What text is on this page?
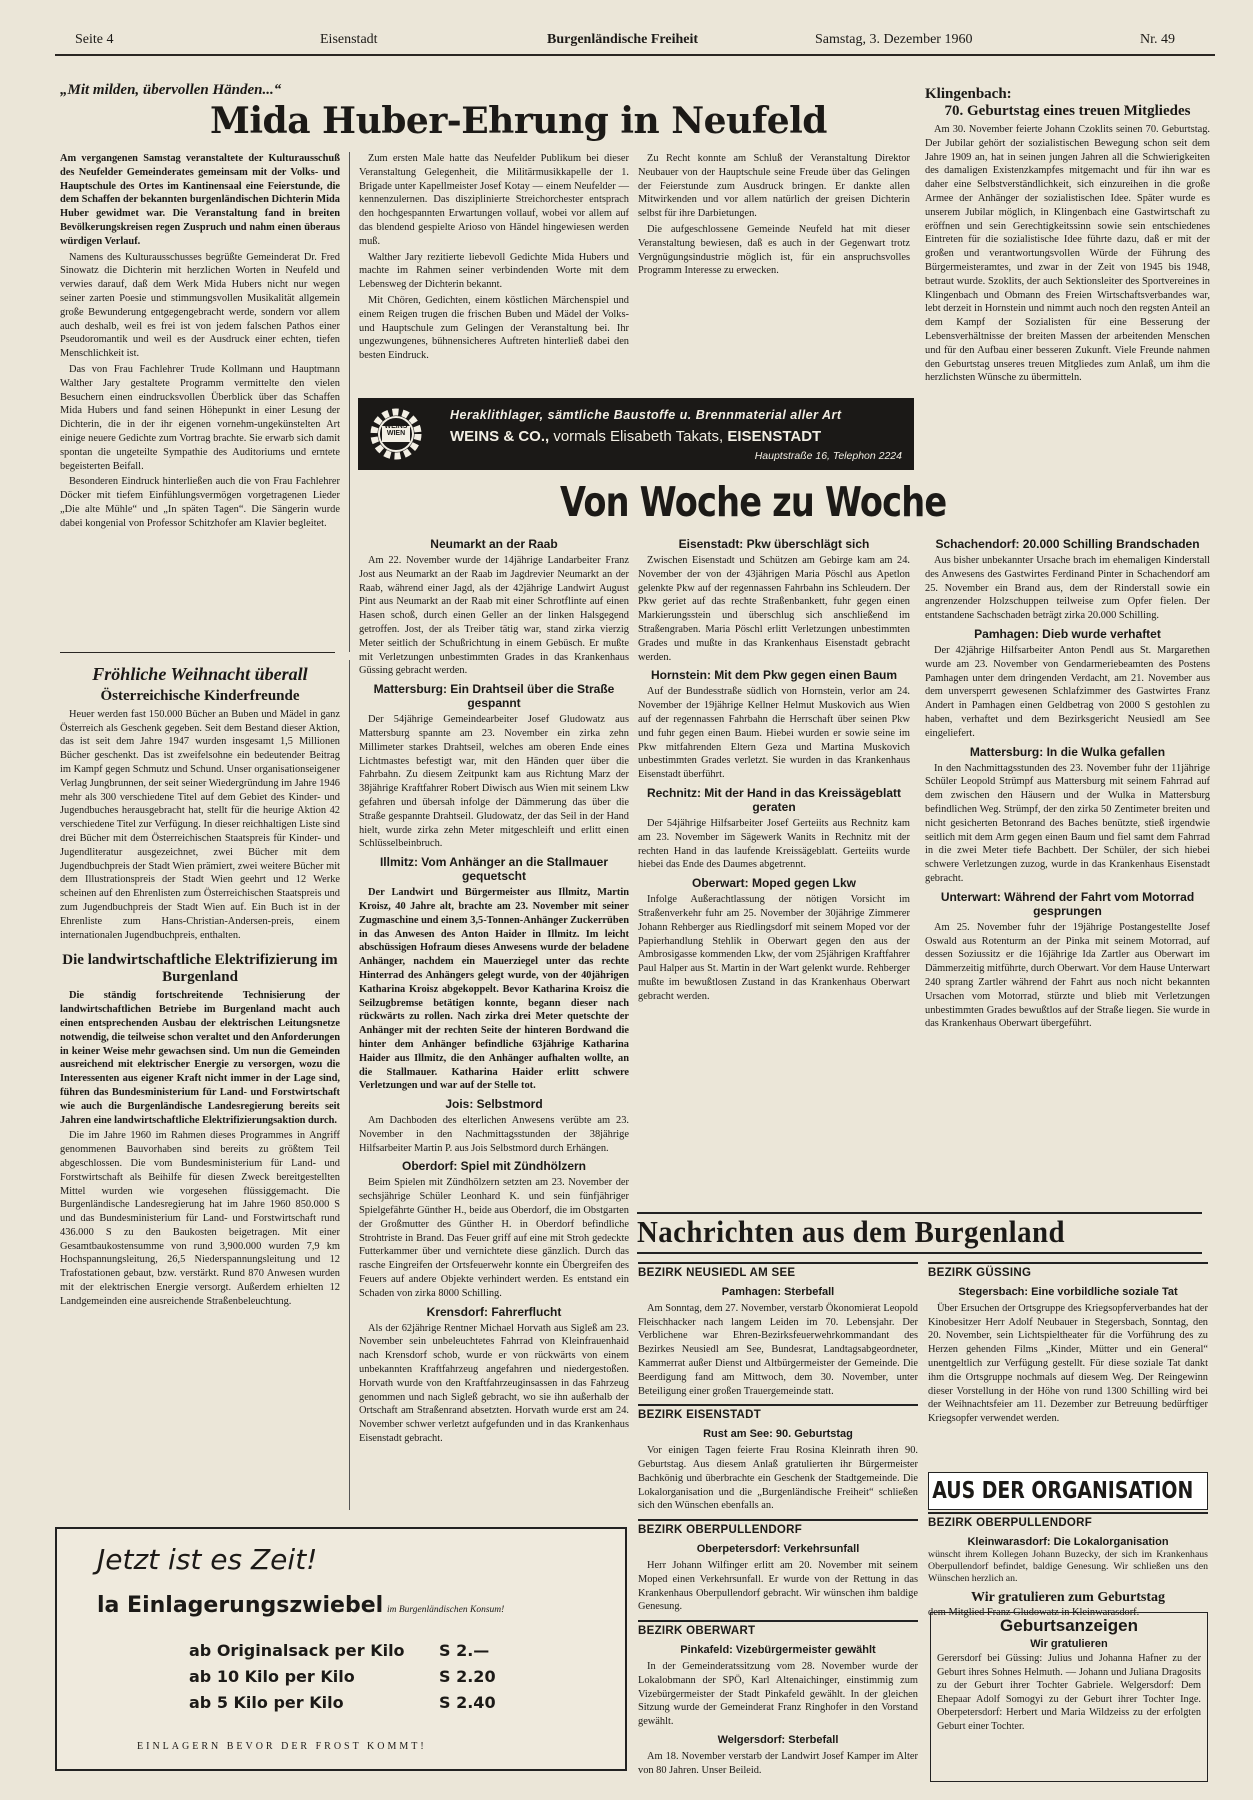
Seite 4	Eisenstadt	Burgenländische Freiheit	Samstag, 3. Dezember 1960	Nr. 49
„Mit milden, übervollen Händen...“
Mida Huber-Ehrung in Neufeld

Am vergangenen Samstag veranstaltete der Kulturausschuß des Neufelder Gemeinderates gemeinsam mit der Volks- und Hauptschule des Ortes im Kantinensaal eine Feierstunde, die dem Schaffen der bekannten burgenländischen Dichterin Mida Huber gewidmet war. Die Veranstaltung fand in breiten Bevölkerungskreisen regen Zuspruch und nahm einen überaus würdigen Verlauf.

Namens des Kulturausschusses begrüßte Gemeinderat Dr. Fred Sinowatz die Dichterin mit herzlichen Worten in Neufeld und verwies darauf, daß dem Werk Mida Hubers nicht nur wegen seiner zarten Poesie und stimmungsvollen Musikalität allgemein große Bewunderung entgegengebracht werde, sondern vor allem auch deshalb, weil es frei ist von jedem falschen Pathos einer Pseudoromantik und weil es der Ausdruck einer echten, tiefen Menschlichkeit ist.

Das von Frau Fachlehrer Trude Kollmann und Hauptmann Walther Jary gestaltete Programm vermittelte den vielen Besuchern einen eindrucksvollen Überblick über das Schaffen Mida Hubers und fand seinen Höhepunkt in einer Lesung der Dichterin, die in der ihr eigenen vornehm-ungekünstelten Art einige neuere Gedichte zum Vortrag brachte. Sie erwarb sich damit spontan die ungeteilte Sympathie des Auditoriums und erntete begeisterten Beifall.

Besonderen Eindruck hinterließen auch die von Frau Fachlehrer Döcker mit tiefem Einfühlungsvermögen vorgetragenen Lieder „Die alte Mühle“ und „In späten Tagen“. Die Sängerin wurde dabei kongenial von Professor Schitzhofer am Klavier begleitet.

Zum ersten Male hatte das Neufelder Publikum bei dieser Veranstaltung Gelegenheit, die Militärmusikkapelle der 1. Brigade unter Kapellmeister Josef Kotay — einem Neufelder — kennenzulernen. Das disziplinierte Streichorchester entsprach den hochgespannten Erwartungen vollauf, wobei vor allem auf das blendend gespielte Arioso von Händel hingewiesen werden muß.

Walther Jary rezitierte liebevoll Gedichte Mida Hubers und machte im Rahmen seiner verbindenden Worte mit dem Lebensweg der Dichterin bekannt.

Mit Chören, Gedichten, einem köstlichen Märchenspiel und einem Reigen trugen die frischen Buben und Mädel der Volks- und Hauptschule zum Gelingen der Veranstaltung bei. Ihr ungezwungenes, bühnensicheres Auftreten hinterließ dabei den besten Eindruck.

Zu Recht konnte am Schluß der Veranstaltung Direktor Neubauer von der Hauptschule seine Freude über das Gelingen der Feierstunde zum Ausdruck bringen. Er dankte allen Mitwirkenden und vor allem natürlich der greisen Dichterin selbst für ihre Darbietungen.

Die aufgeschlossene Gemeinde Neufeld hat mit dieser Veranstaltung bewiesen, daß es auch in der Gegenwart trotz Vergnügungsindustrie möglich ist, für ein anspruchsvolles Programm Interesse zu erwecken.

Klingenbach:
70. Geburtstag eines treuen Mitgliedes

Am 30. November feierte Johann Czoklits seinen 70. Geburtstag. Der Jubilar gehört der sozialistischen Bewegung schon seit dem Jahre 1909 an, hat in seinen jungen Jahren all die Schwierigkeiten des damaligen Existenzkampfes mitgemacht und für ihn war es daher eine Selbstverständlichkeit, sich einzureihen in die große Armee der Anhänger der sozialistischen Idee. Später wurde es unserem Jubilar möglich, in Klingenbach eine Gastwirtschaft zu eröffnen und sein Gerechtigkeitssinn sowie sein entschiedenes Eintreten für die sozialistische Idee führte dazu, daß er mit der großen und verantwortungsvollen Würde der Führung des Bürgermeisteramtes, und zwar in der Zeit von 1945 bis 1948, betraut wurde. Szoklits, der auch Sektionsleiter des Sportvereines in Klingenbach und Obmann des Freien Wirtschaftsverbandes war, lebt derzeit in Hornstein und nimmt auch noch den regsten Anteil an dem Kampf der Sozialisten für eine Besserung der Lebensverhältnisse der breiten Massen der arbeitenden Menschen und für den Aufbau einer besseren Zukunft. Viele Freunde nahmen den Geburtstag unseres treuen Mitgliedes zum Anlaß, um ihm die herzlichsten Wünsche zu übermitteln.

WEINS WIEN
Heraklithlager, sämtliche Baustoffe u. Brennmaterial aller Art
WEINS & CO., vormals Elisabeth Takats, EISENSTADT
Hauptstraße 16, Telephon 2224
Fröhliche Weihnacht überall
Österreichische Kinderfreunde

Heuer werden fast 150.000 Bücher an Buben und Mädel in ganz Österreich als Geschenk gegeben. Seit dem Bestand dieser Aktion, das ist seit dem Jahre 1947 wurden insgesamt 1,5 Millionen Bücher geschenkt. Das ist zweifelsohne ein bedeutender Beitrag im Kampf gegen Schmutz und Schund. Unser organisationseigener Verlag Jungbrunnen, der seit seiner Wiedergründung im Jahre 1946 mehr als 300 verschiedene Titel auf dem Gebiet des Kinder- und Jugendbuches herausgebracht hat, stellt für die heurige Aktion 42 verschiedene Titel zur Verfügung. In dieser reichhaltigen Liste sind drei Bücher mit dem Österreichischen Staatspreis für Kinder- und Jugendliteratur ausgezeichnet, zwei Bücher mit dem Jugendbuchpreis der Stadt Wien prämiert, zwei weitere Bücher mit dem Illustrationspreis der Stadt Wien geehrt und 12 Werke scheinen auf den Ehrenlisten zum Österreichischen Staatspreis und zum Jugendbuchpreis der Stadt Wien auf. Ein Buch ist in der Ehrenliste zum Hans-Christian-Andersen-preis, einem internationalen Jugendbuchpreis, enthalten.

Die landwirtschaftliche Elektrifizierung im Burgenland

Die ständig fortschreitende Technisierung der landwirtschaftlichen Betriebe im Burgenland macht auch einen entsprechenden Ausbau der elektrischen Leitungsnetze notwendig, die teilweise schon veraltet und den Anforderungen in keiner Weise mehr gewachsen sind. Um nun die Gemeinden ausreichend mit elektrischer Energie zu versorgen, wozu die Interessenten aus eigener Kraft nicht immer in der Lage sind, führen das Bundesministerium für Land- und Forstwirtschaft wie auch die Burgenländische Landesregierung bereits seit Jahren eine landwirtschaftliche Elektrifizierungsaktion durch.

Die im Jahre 1960 im Rahmen dieses Programmes in Angriff genommenen Bauvorhaben sind bereits zu größtem Teil abgeschlossen. Die vom Bundesministerium für Land- und Forstwirtschaft als Beihilfe für diesen Zweck bereitgestellten Mittel wurden wie vorgesehen flüssiggemacht. Die Burgenländische Landesregierung hat im Jahre 1960 850.000 S und das Bundesministerium für Land- und Forstwirtschaft rund 436.000 S zu den Baukosten beigetragen. Mit einer Gesamtbaukostensumme von rund 3,900.000 wurden 7,9 km Hochspannungsleitung, 26,5 Niederspannungsleitung und 12 Trafostationen gebaut, bzw. verstärkt. Rund 870 Anwesen wurden mit der elektrischen Energie versorgt. Außerdem erhielten 12 Landgemeinden eine ausreichende Straßenbeleuchtung.

Von Woche zu Woche
Neumarkt an der Raab

Am 22. November wurde der 14jährige Landarbeiter Franz Jost aus Neumarkt an der Raab im Jagdrevier Neumarkt an der Raab, während einer Jagd, als der 42jährige Landwirt August Pint aus Neumarkt an der Raab mit einer Schrotflinte auf einen Hasen schoß, durch einen Geller an der linken Halsgegend getroffen. Jost, der als Treiber tätig war, stand zirka vierzig Meter seitlich der Schußrichtung in einem Gebüsch. Er mußte mit Verletzungen unbestimmten Grades in das Krankenhaus Güssing gebracht werden.

Mattersburg: Ein Drahtseil über die Straße gespannt

Der 54jährige Gemeindearbeiter Josef Gludowatz aus Mattersburg spannte am 23. November ein zirka zehn Millimeter starkes Drahtseil, welches am oberen Ende eines Lichtmastes befestigt war, mit den Händen quer über die Fahrbahn. Zu diesem Zeitpunkt kam aus Richtung Marz der 38jährige Kraftfahrer Robert Diwisch aus Wien mit seinem Lkw gefahren und übersah infolge der Dämmerung das über die Straße gespannte Drahtseil. Gludowatz, der das Seil in der Hand hielt, wurde zirka zehn Meter mitgeschleift und erlitt einen Schlüsselbeinbruch.

Illmitz: Vom Anhänger an die Stallmauer gequetscht

Der Landwirt und Bürgermeister aus Illmitz, Martin Kroisz, 40 Jahre alt, brachte am 23. November mit seiner Zugmaschine und einem 3,5-Tonnen-Anhänger Zuckerrüben in das Anwesen des Anton Haider in Illmitz. Im leicht abschüssigen Hofraum dieses Anwesens wurde der beladene Anhänger, nachdem ein Mauerziegel unter das rechte Hinterrad des Anhängers gelegt wurde, von der 40jährigen Katharina Kroisz abgekoppelt. Bevor Katharina Kroisz die Seilzugbremse betätigen konnte, begann dieser nach rückwärts zu rollen. Nach zirka drei Meter quetschte der Anhänger mit der rechten Seite der hinteren Bordwand die hinter dem Anhänger befindliche 63jährige Katharina Haider aus Illmitz, die den Anhänger aufhalten wollte, an die Stallmauer. Katharina Haider erlitt schwere Verletzungen und war auf der Stelle tot.

Jois: Selbstmord

Am Dachboden des elterlichen Anwesens verübte am 23. November in den Nachmittagsstunden der 38jährige Hilfsarbeiter Martin P. aus Jois Selbstmord durch Erhängen.

Oberdorf: Spiel mit Zündhölzern

Beim Spielen mit Zündhölzern setzten am 23. November der sechsjährige Schüler Leonhard K. und sein fünfjähriger Spielgefährte Günther H., beide aus Oberdorf, die im Obstgarten der Großmutter des Günther H. in Oberdorf befindliche Strohtriste in Brand. Das Feuer griff auf eine mit Stroh gedeckte Futterkammer über und vernichtete diese gänzlich. Durch das rasche Eingreifen der Ortsfeuerwehr konnte ein Übergreifen des Feuers auf andere Objekte verhindert werden. Es entstand ein Schaden von zirka 8000 Schilling.

Krensdorf: Fahrerflucht

Als der 62jährige Rentner Michael Horvath aus Sigleß am 23. November sein unbeleuchtetes Fahrrad von Kleinfrauenhaid nach Krensdorf schob, wurde er von rückwärts von einem unbekannten Kraftfahrzeug angefahren und niedergestoßen. Horvath wurde von den Kraftfahrzeuginsassen in das Fahrzeug genommen und nach Sigleß gebracht, wo sie ihn außerhalb der Ortschaft am Straßenrand absetzten. Horvath wurde erst am 24. November schwer verletzt aufgefunden und in das Krankenhaus Eisenstadt gebracht.

Eisenstadt: Pkw überschlägt sich

Zwischen Eisenstadt und Schützen am Gebirge kam am 24. November der von der 43jährigen Maria Pöschl aus Apetlon gelenkte Pkw auf der regennassen Fahrbahn ins Schleudern. Der Pkw geriet auf das rechte Straßenbankett, fuhr gegen einen Markierungsstein und überschlug sich anschließend im Straßengraben. Maria Pöschl erlitt Verletzungen unbestimmten Grades und mußte in das Krankenhaus Eisenstadt gebracht werden.

Hornstein: Mit dem Pkw gegen einen Baum

Auf der Bundesstraße südlich von Hornstein, verlor am 24. November der 19jährige Kellner Helmut Muskovich aus Wien auf der regennassen Fahrbahn die Herrschaft über seinen Pkw und fuhr gegen einen Baum. Hiebei wurden er sowie seine im Pkw mitfahrenden Eltern Geza und Martina Muskovich unbestimmten Grades verletzt. Sie wurden in das Krankenhaus Eisenstadt überführt.

Rechnitz: Mit der Hand in das Kreissägeblatt geraten

Der 54jährige Hilfsarbeiter Josef Gerteiits aus Rechnitz kam am 23. November im Sägewerk Wanits in Rechnitz mit der rechten Hand in das laufende Kreissägeblatt. Gerteiits wurde hiebei das Ende des Daumes abgetrennt.

Oberwart: Moped gegen Lkw

Infolge Außerachtlassung der nötigen Vorsicht im Straßenverkehr fuhr am 25. November der 30jährige Zimmerer Johann Rehberger aus Riedlingsdorf mit seinem Moped vor der Papierhandlung Stehlik in Oberwart gegen den aus der Ambrosigasse kommenden Lkw, der vom 25jährigen Kraftfahrer Paul Halper aus St. Martin in der Wart gelenkt wurde. Rehberger mußte im bewußtlosen Zustand in das Krankenhaus Oberwart gebracht werden.

Schachendorf: 20.000 Schilling Brandschaden

Aus bisher unbekannter Ursache brach im ehemaligen Kinderstall des Anwesens des Gastwirtes Ferdinand Pinter in Schachendorf am 25. November ein Brand aus, dem der Rinderstall sowie ein angrenzender Holzschuppen teilweise zum Opfer fielen. Der entstandene Sachschaden beträgt zirka 20.000 Schilling.

Pamhagen: Dieb wurde verhaftet

Der 42jährige Hilfsarbeiter Anton Pendl aus St. Margarethen wurde am 23. November von Gendarmeriebeamten des Postens Pamhagen unter dem dringenden Verdacht, am 21. November aus dem unversperrt gewesenen Schlafzimmer des Gastwirtes Franz Andert in Pamhagen einen Geldbetrag von 2000 S gestohlen zu haben, verhaftet und dem Bezirksgericht Neusiedl am See eingeliefert.

Mattersburg: In die Wulka gefallen

In den Nachmittagsstunden des 23. November fuhr der 11jährige Schüler Leopold Strümpf aus Mattersburg mit seinem Fahrrad auf dem zwischen den Häusern und der Wulka in Mattersburg befindlichen Weg. Strümpf, der den zirka 50 Zentimeter breiten und nicht gesicherten Betonrand des Baches benützte, stieß irgendwie seitlich mit dem Arm gegen einen Baum und fiel samt dem Fahrrad in die zwei Meter tiefe Bachbett. Der Schüler, der sich hiebei schwere Verletzungen zuzog, wurde in das Krankenhaus Eisenstadt gebracht.

Unterwart: Während der Fahrt vom Motorrad gesprungen

Am 25. November fuhr der 19jährige Postangestellte Josef Oswald aus Rotenturm an der Pinka mit seinem Motorrad, auf dessen Soziussitz er die 16jährige Ida Zartler aus Oberwart im Dämmerzeitig mitführte, durch Oberwart. Vor dem Hause Unterwart 240 sprang Zartler während der Fahrt aus noch nicht bekannten Ursachen vom Motorrad, stürzte und blieb mit Verletzungen unbestimmten Grades bewußtlos auf der Straße liegen. Sie wurde in das Krankenhaus Oberwart übergeführt.

Nachrichten aus dem Burgenland
BEZIRK NEUSIEDL AM SEE
Pamhagen: Sterbefall

Am Sonntag, dem 27. November, verstarb Ökonomierat Leopold Fleischhacker nach langem Leiden im 70. Lebensjahr. Der Verblichene war Ehren-Bezirksfeuerwehrkommandant des Bezirkes Neusiedl am See, Bundesrat, Landtagsabgeordneter, Kammerrat außer Dienst und Altbürgermeister der Gemeinde. Die Beerdigung fand am Mittwoch, dem 30. November, unter Beteiligung einer großen Trauergemeinde statt.

BEZIRK EISENSTADT
Rust am See: 90. Geburtstag

Vor einigen Tagen feierte Frau Rosina Kleinrath ihren 90. Geburtstag. Aus diesem Anlaß gratulierten ihr Bürgermeister Bachkönig und überbrachte ein Geschenk der Stadtgemeinde. Die Lokalorganisation und die „Burgenländische Freiheit“ schließen sich den Wünschen ebenfalls an.

BEZIRK OBERPULLENDORF
Oberpetersdorf: Verkehrsunfall

Herr Johann Wilfinger erlitt am 20. November mit seinem Moped einen Verkehrsunfall. Er wurde von der Rettung in das Krankenhaus Oberpullendorf gebracht. Wir wünschen ihm baldige Genesung.

BEZIRK OBERWART
Pinkafeld: Vizebürgermeister gewählt

In der Gemeinderatssitzung vom 28. November wurde der Lokalobmann der SPÖ, Karl Altenaichinger, einstimmig zum Vizebürgermeister der Stadt Pinkafeld gewählt. In der gleichen Sitzung wurde der Gemeinderat Franz Ringhofer in den Vorstand gewählt.

Welgersdorf: Sterbefall

Am 18. November verstarb der Landwirt Josef Kamper im Alter von 80 Jahren. Unser Beileid.

BEZIRK GÜSSING
Stegersbach: Eine vorbildliche soziale Tat

Über Ersuchen der Ortsgruppe des Kriegsopferverbandes hat der Kinobesitzer Herr Adolf Neubauer in Stegersbach, Sonntag, den 20. November, sein Lichtspieltheater für die Vorführung des zu Herzen gehenden Films „Kinder, Mütter und ein General“ unentgeltlich zur Verfügung gestellt. Für diese soziale Tat dankt ihm die Ortsgruppe nochmals auf diesem Weg. Der Reingewinn dieser Vorstellung in der Höhe von rund 1300 Schilling wird bei der Weihnachtsfeier am 11. Dezember zur Betreuung bedürftiger Kriegsopfer verwendet werden.

AUS DER ORGANISATION
BEZIRK OBERPULLENDORF
Kleinwarasdorf: Die Lokalorganisation

wünscht ihrem Kollegen Johann Buzecky, der sich im Krankenhaus Oberpullendorf befindet, baldige Genesung. Wir schließen uns den Wünschen herzlich an.

Wir gratulieren zum Geburtstag

dem Mitglied Franz Gludowatz in Kleinwarasdorf.

Geburtsanzeigen
Wir gratulieren
Gerersdorf bei Güssing: Julius und Johanna Hafner zu der Geburt ihres Sohnes Helmuth. — Johann und Juliana Dragosits zu der Geburt ihrer Tochter Gabriele. Welgersdorf: Dem Ehepaar Adolf Somogyi zu der Geburt ihrer Tochter Inge. Oberpetersdorf: Herbert und Maria Wildzeiss zu der erfolgten Geburt einer Tochter.
Jetzt ist es Zeit!
la Einlagerungszwiebel im Burgenländischen Konsum!
ab Originalsack per Kilo S 2.—
ab 10 Kilo per Kilo	S 2.20
ab 5 Kilo per Kilo	S 2.40
EINLAGERN BEVOR DER FROST KOMMT!
